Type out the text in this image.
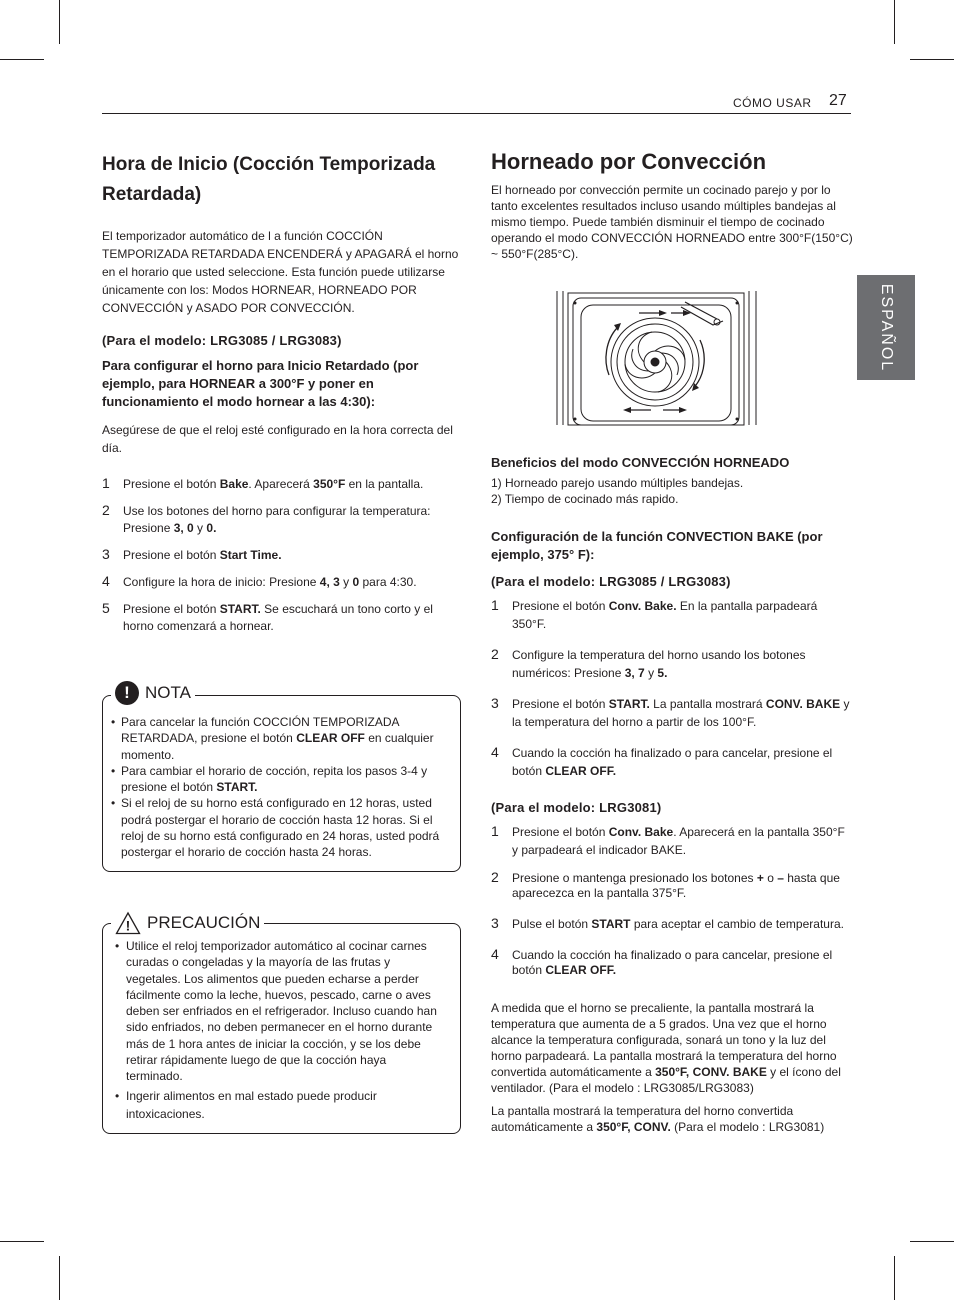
CÓMO USAR 27
ESPAÑOL
Hora de Inicio (Cocción Temporizada Retardada)

El temporizador automático de l a función COCCIÓN TEMPORIZADA RETARDADA ENCENDERÁ y APAGARÁ el horno en el horario que usted seleccione. Esta función puede utilizarse únicamente con los: Modos HORNEAR, HORNEADO POR CONVECCIÓN y ASADO POR CONVECCIÓN.

(Para el modelo: LRG3085 / LRG3083)

Para configurar el horno para Inicio Retardado (por ejemplo, para HORNEAR a 300°F y poner en funcionamiento el modo hornear a las 4:30):

Asegúrese de que el reloj esté configurado en la hora correcta del día.

1 Presione el botón Bake. Aparecerá 350°F en la pantalla.
2 Use los botones del horno para configurar la temperatura: Presione 3, 0 y 0.
3 Presione el botón Start Time.
4 Configure la hora de inicio: Presione 4, 3 y 0 para 4:30.
5 Presione el botón START. Se escuchará un tono corto y el horno comenzará a hornear.
! NOTA
• Para cancelar la función COCCIÓN TEMPORIZADA RETARDADA, presione el botón CLEAR OFF en cualquier momento.
• Para cambiar el horario de cocción, repita los pasos 3-4 y presione el botón START.
• Si el reloj de su horno está configurado en 12 horas, usted podrá postergar el horario de cocción hasta 12 horas. Si el reloj de su horno está configurado en 24 horas, usted podrá postergar el horario de cocción hasta 24 horas.
! PRECAUCIÓN
• Utilice el reloj temporizador automático al cocinar carnes curadas o congeladas y la mayoría de las frutas y vegetales. Los alimentos que pueden echarse a perder fácilmente como la leche, huevos, pescado, carne o aves deben ser enfriados en el refrigerador. Incluso cuando han sido enfriados, no deben permanecer en el horno durante más de 1 hora antes de iniciar la cocción, y se los debe retirar rápidamente luego de que la cocción haya terminado.
• Ingerir alimentos en mal estado puede producir intoxicaciones.
Horneado por Convección

El horneado por convección permite un cocinado parejo y por lo tanto excelentes resultados incluso usando múltiples bandejas al mismo tiempo. Puede también disminuir el tiempo de cocinado operando el modo CONVECCIÓN HORNEADO entre 300°F(150°C) ~ 550°F(285°C).

Beneficios del modo CONVECCIÓN HORNEADO

1) Horneado parejo usando múltiples bandejas.

2) Tiempo de cocinado más rapido.

Configuración de la función CONVECTION BAKE (por ejemplo, 375° F):

(Para el modelo: LRG3085 / LRG3083)

1 Presione el botón Conv. Bake. En la pantalla parpadeará 350°F.
2 Configure la temperatura del horno usando los botones numéricos: Presione 3, 7 y 5.
3 Presione el botón START. La pantalla mostrará CONV. BAKE y la temperatura del horno a partir de los 100°F.
4 Cuando la cocción ha finalizado o para cancelar, presione el botón CLEAR OFF.

(Para el modelo: LRG3081)

1 Presione el botón Conv. Bake. Aparecerá en la pantalla 350°F y parpadeará el indicador BAKE.
2 Presione o mantenga presionado los botones + o – hasta que aparecezca en la pantalla 375°F.
3 Pulse el botón START para aceptar el cambio de temperatura.
4 Cuando la cocción ha finalizado o para cancelar, presione el botón CLEAR OFF.

A medida que el horno se precaliente, la pantalla mostrará la temperatura que aumenta de a 5 grados. Una vez que el horno alcance la temperatura configurada, sonará un tono y la luz del horno parpadeará. La pantalla mostrará la temperatura del horno convertida automáticamente a 350°F, CONV. BAKE y el ícono del ventilador. (Para el modelo : LRG3085/LRG3083)

La pantalla mostrará la temperatura del horno convertida automáticamente a 350°F, CONV. (Para el modelo : LRG3081)
